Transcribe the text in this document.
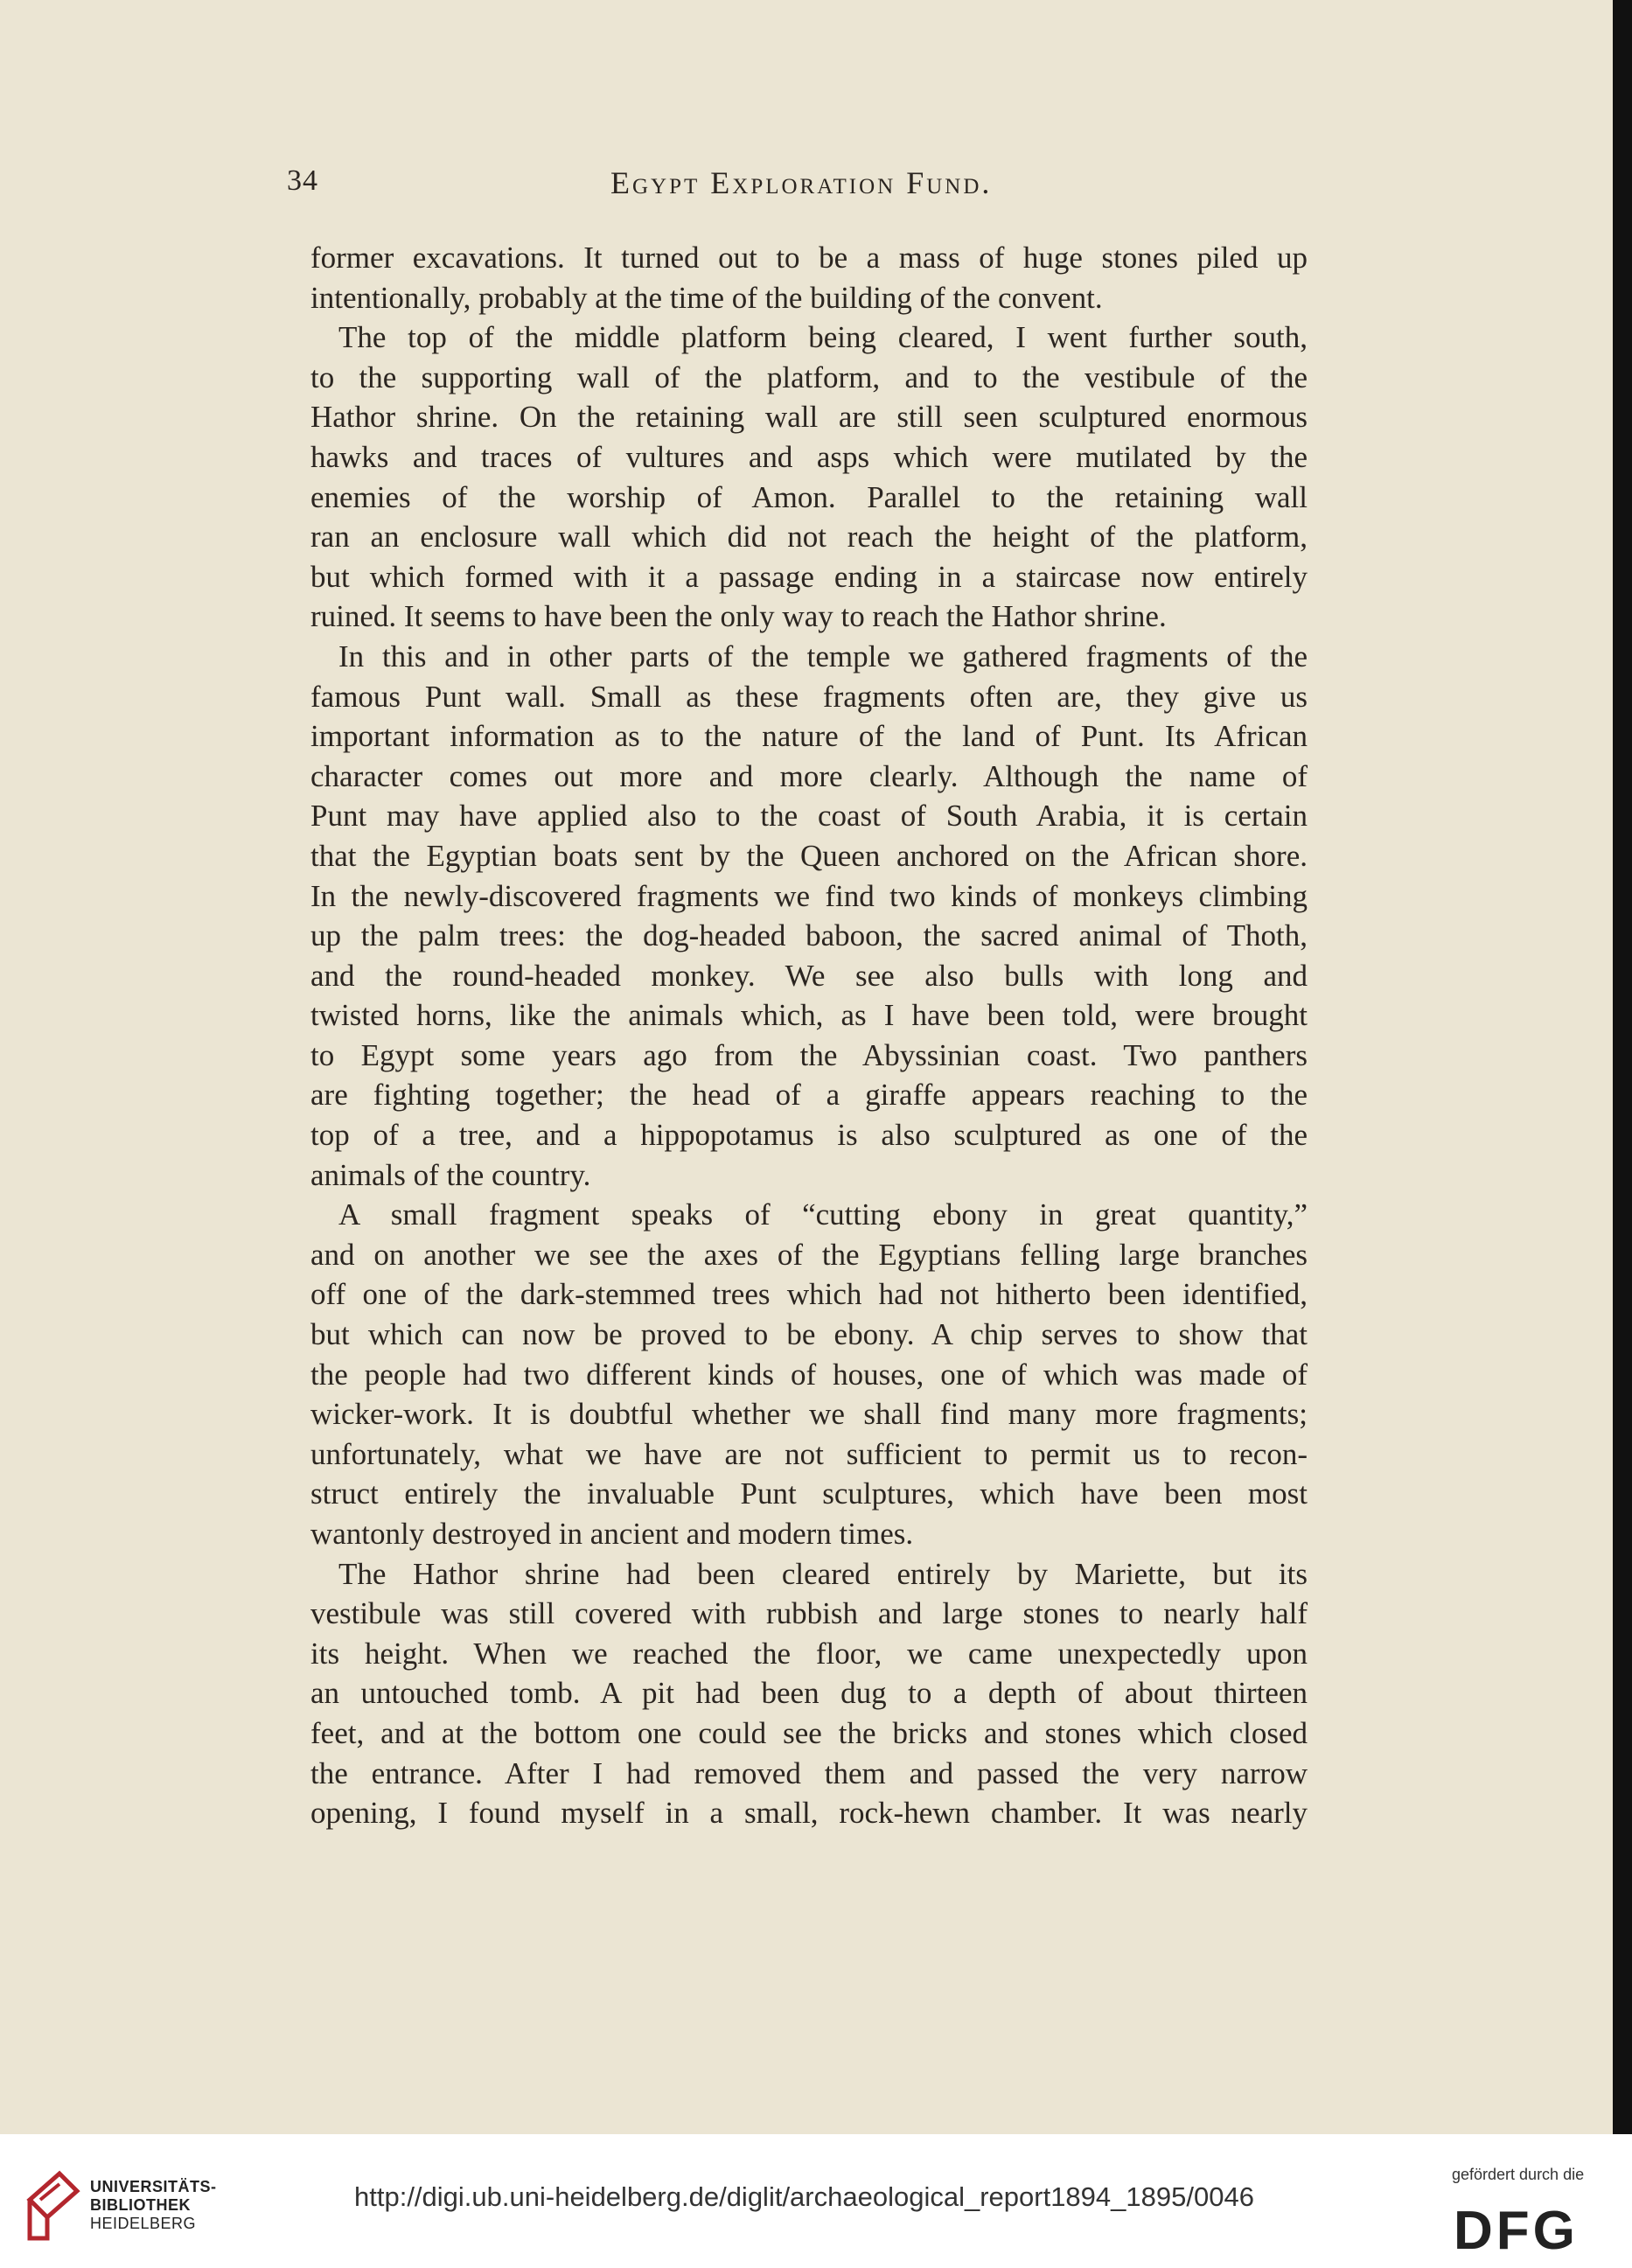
34	Egypt Exploration Fund.
former excavations. It turned out to be a mass of huge stones piled up
intentionally, probably at the time of the building of the convent.
The top of the middle platform being cleared, I went further south,
to the supporting wall of the platform, and to the vestibule of the
Hathor shrine. On the retaining wall are still seen sculptured enormous
hawks and traces of vultures and asps which were mutilated by the
enemies of the worship of Amon. Parallel to the retaining wall
ran an enclosure wall which did not reach the height of the platform,
but which formed with it a passage ending in a staircase now entirely
ruined. It seems to have been the only way to reach the Hathor shrine.
In this and in other parts of the temple we gathered fragments of the
famous Punt wall. Small as these fragments often are, they give us
important information as to the nature of the land of Punt. Its African
character comes out more and more clearly. Although the name of
Punt may have applied also to the coast of South Arabia, it is certain
that the Egyptian boats sent by the Queen anchored on the African shore.
In the newly-discovered fragments we find two kinds of monkeys climbing
up the palm trees: the dog-headed baboon, the sacred animal of Thoth,
and the round-headed monkey. We see also bulls with long and
twisted horns, like the animals which, as I have been told, were brought
to Egypt some years ago from the Abyssinian coast. Two panthers
are fighting together; the head of a giraffe appears reaching to the
top of a tree, and a hippopotamus is also sculptured as one of the
animals of the country.
A small fragment speaks of “cutting ebony in great quantity,”
and on another we see the axes of the Egyptians felling large branches
off one of the dark-stemmed trees which had not hitherto been identified,
but which can now be proved to be ebony. A chip serves to show that
the people had two different kinds of houses, one of which was made of
wicker-work. It is doubtful whether we shall find many more fragments;
unfortunately, what we have are not sufficient to permit us to recon-
struct entirely the invaluable Punt sculptures, which have been most
wantonly destroyed in ancient and modern times.
The Hathor shrine had been cleared entirely by Mariette, but its
vestibule was still covered with rubbish and large stones to nearly half
its height. When we reached the floor, we came unexpectedly upon
an untouched tomb. A pit had been dug to a depth of about thirteen
feet, and at the bottom one could see the bricks and stones which closed
the entrance. After I had removed them and passed the very narrow
opening, I found myself in a small, rock-hewn chamber. It was nearly
UNIVERSITÄTS-
BIBLIOTHEK
HEIDELBERG
http://digi.ub.uni-heidelberg.de/diglit/archaeological_report1894_1895/0046
gefördert durch die
DFG
